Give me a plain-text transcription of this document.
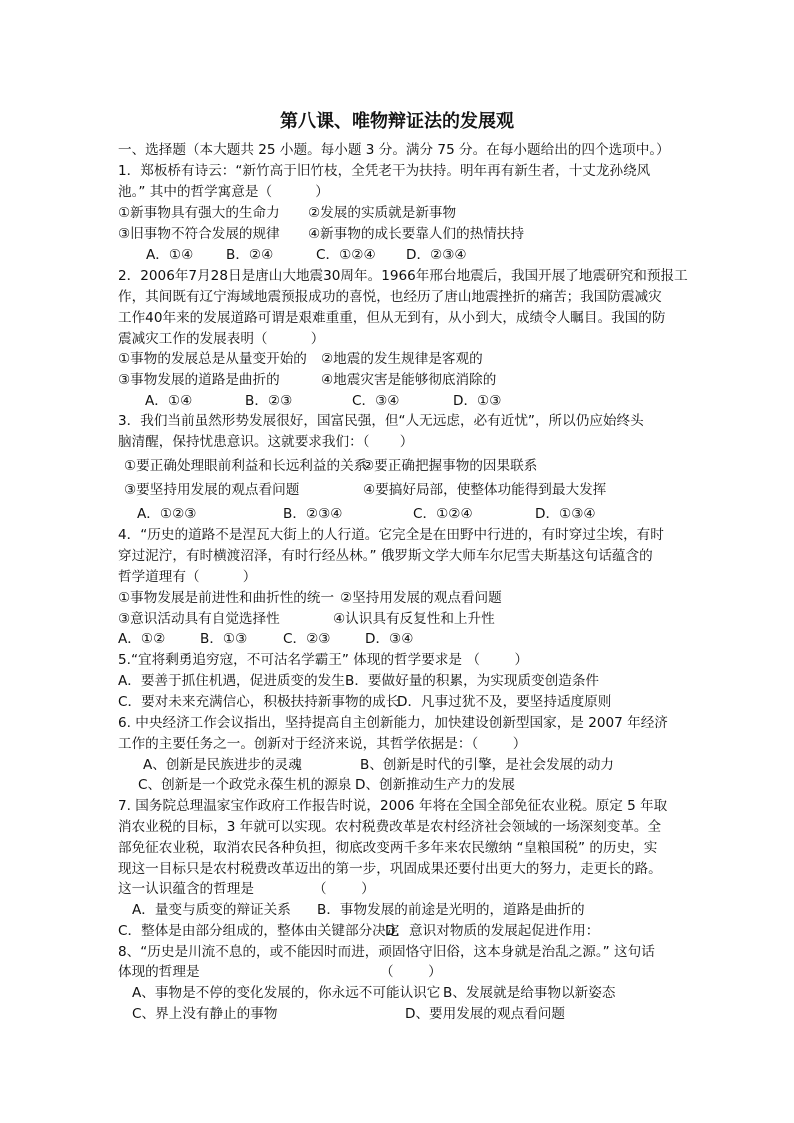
第八课、唯物辩证法的发展观
一、选择题（本大题共 25 小题。每小题 3 分。满分 75 分。在每小题给出的四个选项中。）
1．郑板桥有诗云：“新竹高于旧竹枝，全凭老干为扶持。明年再有新生者，十丈龙孙绕风
池。” 其中的哲学寓意是（          ）
①新事物具有强大的生命力 ②发展的实质就是新事物
③旧事物不符合发展的规律 ④新事物的成长要靠人们的热情扶持
A．①④ B．②④	C．①②④ D．②③④
2．2006年7月28日是唐山大地震30周年。1966年邢台地震后，我国开展了地震研究和预报工
作，其间既有辽宁海域地震预报成功的喜悦，也经历了唐山地震挫折的痛苦；我国防震减灾
工作40年来的发展道路可谓是艰难重重，但从无到有，从小到大，成绩令人瞩目。我国的防
震减灾工作的发展表明（          ）
①事物的发展总是从量变开始的 ②地震的发生规律是客观的
③事物发展的道路是曲折的	④地震灾害是能够彻底消除的
A．①④	B．②③	C．③④	D．①③
3．我们当前虽然形势发展很好，国富民强，但“人无远虑，必有近忧”，所以仍应始终头
脑清醒，保持忧患意识。这就要求我们：（       ）
①要正确处理眼前利益和长远利益的关系
②要正确把握事物的因果联系
③要坚持用发展的观点看问题	④要搞好局部，使整体功能得到最大发挥
A．①②③	B．②③④	C．①②④	D．①③④
4．“历史的道路不是涅瓦大街上的人行道。它完全是在田野中行进的，有时穿过尘埃，有时
穿过泥泞，有时横渡沼泽，有时行经丛林。” 俄罗斯文学大师车尔尼雪夫斯基这句话蕴含的
哲学道理有（          ）
①事物发展是前进性和曲折性的统一 ②坚持用发展的观点看问题
③意识活动具有自觉选择性	④认识具有反复性和上升性
A．①②	B．①③	C．②③	D．③④
5.“宜将剩勇追穷寇，不可沽名学霸王” 体现的哲学要求是 （        ）
A．要善于抓住机遇，促进质变的发生 B．要做好量的积累，为实现质变创造条件
C．要对未来充满信心，积极扶持新事物的成长
D．凡事过犹不及，要坚持适度原则
6. 中央经济工作会议指出，坚持提高自主创新能力，加快建设创新型国家，是 2007 年经济
工作的主要任务之一。创新对于经济来说，其哲学依据是：（        ）
A、创新是民族进步的灵魂	B、创新是时代的引擎，是社会发展的动力
C、创新是一个政党永葆生机的源泉 D、创新推动生产力的发展
7. 国务院总理温家宝作政府工作报告时说，2006 年将在全国全部免征农业税。原定 5 年取
消农业税的目标，3 年就可以实现。农村税费改革是农村经济社会领域的一场深刻变革。全
部免征农业税，取消农民各种负担，彻底改变两千多年来农民缴纳 “皇粮国税” 的历史，实
现这一目标只是农村税费改革迈出的第一步，巩固成果还要付出更大的努力，走更长的路。
这一认识蕴含的哲理是	（        ）
A．量变与质变的辩证关系 B．事物发展的前途是光明的，道路是曲折的
C．整体是由部分组成的，整体由关键部分决定
D．意识对物质的发展起促进作用：
8、“历史是川流不息的，或不能因时而进，顽固恪守旧俗，这本身就是治乱之源。” 这句话
体现的哲理是	（        ）
A、事物是不停的变化发展的，你永远不可能认识它 B、发展就是给事物以新姿态
C、界上没有静止的事物	D、要用发展的观点看问题
